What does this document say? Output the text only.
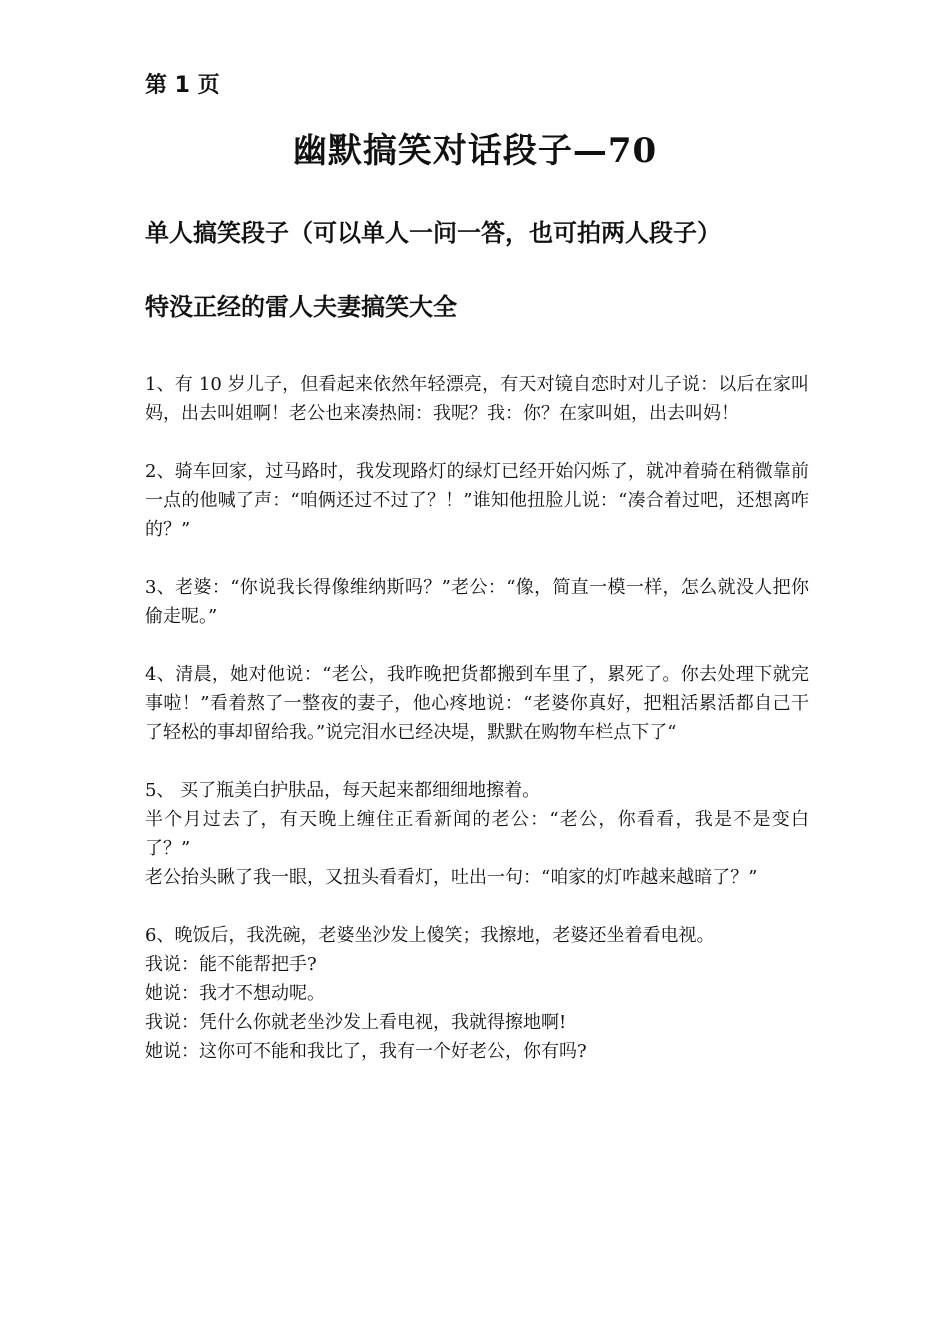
第 1 页
幽默搞笑对话段子—70
单人搞笑段子（可以单人一问一答，也可拍两人段子）
特没正经的雷人夫妻搞笑大全
1、有 10 岁儿子，但看起来依然年轻漂亮，有天对镜自恋时对儿子说：以后在家叫妈，出去叫姐啊！老公也来凑热闹：我呢？我：你？在家叫姐，出去叫妈！
2、骑车回家，过马路时，我发现路灯的绿灯已经开始闪烁了，就冲着骑在稍微靠前一点的他喊了声：“咱俩还过不过了？！”谁知他扭脸儿说：“凑合着过吧，还想离咋的？”
3、老婆：“你说我长得像维纳斯吗？”老公：“像，简直一模一样，怎么就没人把你偷走呢。”
4、清晨，她对他说：“老公，我昨晚把货都搬到车里了，累死了。你去处理下就完事啦！”看着熬了一整夜的妻子，他心疼地说：“老婆你真好，把粗活累活都自己干了轻松的事却留给我。”说完泪水已经决堤，默默在购物车栏点下了“
5、 买了瓶美白护肤品，每天起来都细细地擦着。
半个月过去了，有天晚上缠住正看新闻的老公：“老公，你看看，我是不是变白了？”
老公抬头瞅了我一眼，又扭头看看灯，吐出一句：“咱家的灯咋越来越暗了？”
6、晚饭后，我洗碗，老婆坐沙发上傻笑；我擦地，老婆还坐着看电视。
我说：能不能帮把手?
她说：我才不想动呢。
我说：凭什么你就老坐沙发上看电视，我就得擦地啊!
她说：这你可不能和我比了，我有一个好老公，你有吗?
